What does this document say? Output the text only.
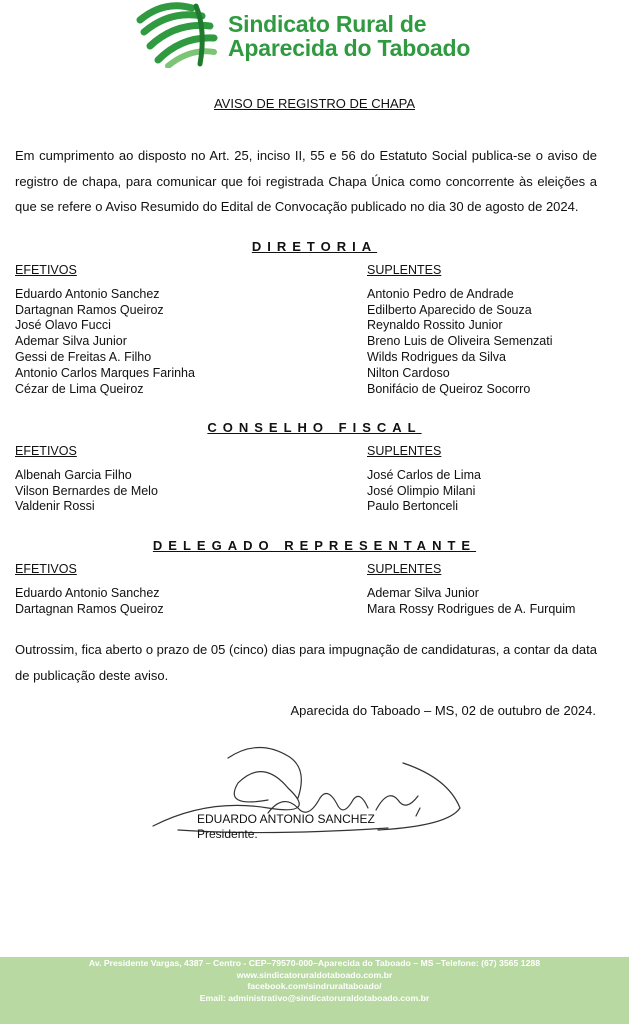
Sindicato Rural de
Aparecida do Taboado
AVISO DE REGISTRO DE CHAPA
Em cumprimento ao disposto no Art. 25, inciso II, 55 e 56 do Estatuto Social publica-se o aviso de registro de chapa, para comunicar que foi registrada Chapa Única como concorrente às eleições a que se refere o Aviso Resumido do Edital de Convocação publicado no dia 30 de agosto de 2024.
DIRETORIA
EFETIVOS
Eduardo Antonio Sanchez
Dartagnan Ramos Queiroz
José Olavo Fucci
Ademar Silva Junior
Gessi de Freitas A. Filho
Antonio Carlos Marques Farinha
Cézar de Lima Queiroz
SUPLENTES
Antonio Pedro de Andrade
Edilberto Aparecido de Souza
Reynaldo Rossito Junior
Breno Luis de Oliveira Semenzati
Wilds Rodrigues da Silva
Nilton Cardoso
Bonifácio de Queiroz Socorro
CONSELHO FISCAL
EFETIVOS
Albenah Garcia Filho
Vilson Bernardes de Melo
Valdenir Rossi
SUPLENTES
José Carlos de Lima
José Olimpio Milani
Paulo Bertonceli
DELEGADO REPRESENTANTE
EFETIVOS
Eduardo Antonio Sanchez
Dartagnan Ramos Queiroz
SUPLENTES
Ademar Silva Junior
Mara Rossy Rodrigues de A. Furquim
Outrossim, fica aberto o prazo de 05 (cinco) dias para impugnação de candidaturas, a contar da data de publicação deste aviso.
Aparecida do Taboado – MS, 02 de outubro de 2024.
EDUARDO ANTONIO SANCHEZ
Presidente.
Av. Presidente Vargas, 4387 – Centro - CEP–79570-000–Aparecida do Taboado – MS –Telefone: (67) 3565 1288
www.sindicatoruraldotaboado.com.br
facebook.com/sindruraltaboado/
Email: administrativo@sindicatoruraldotaboado.com.br
